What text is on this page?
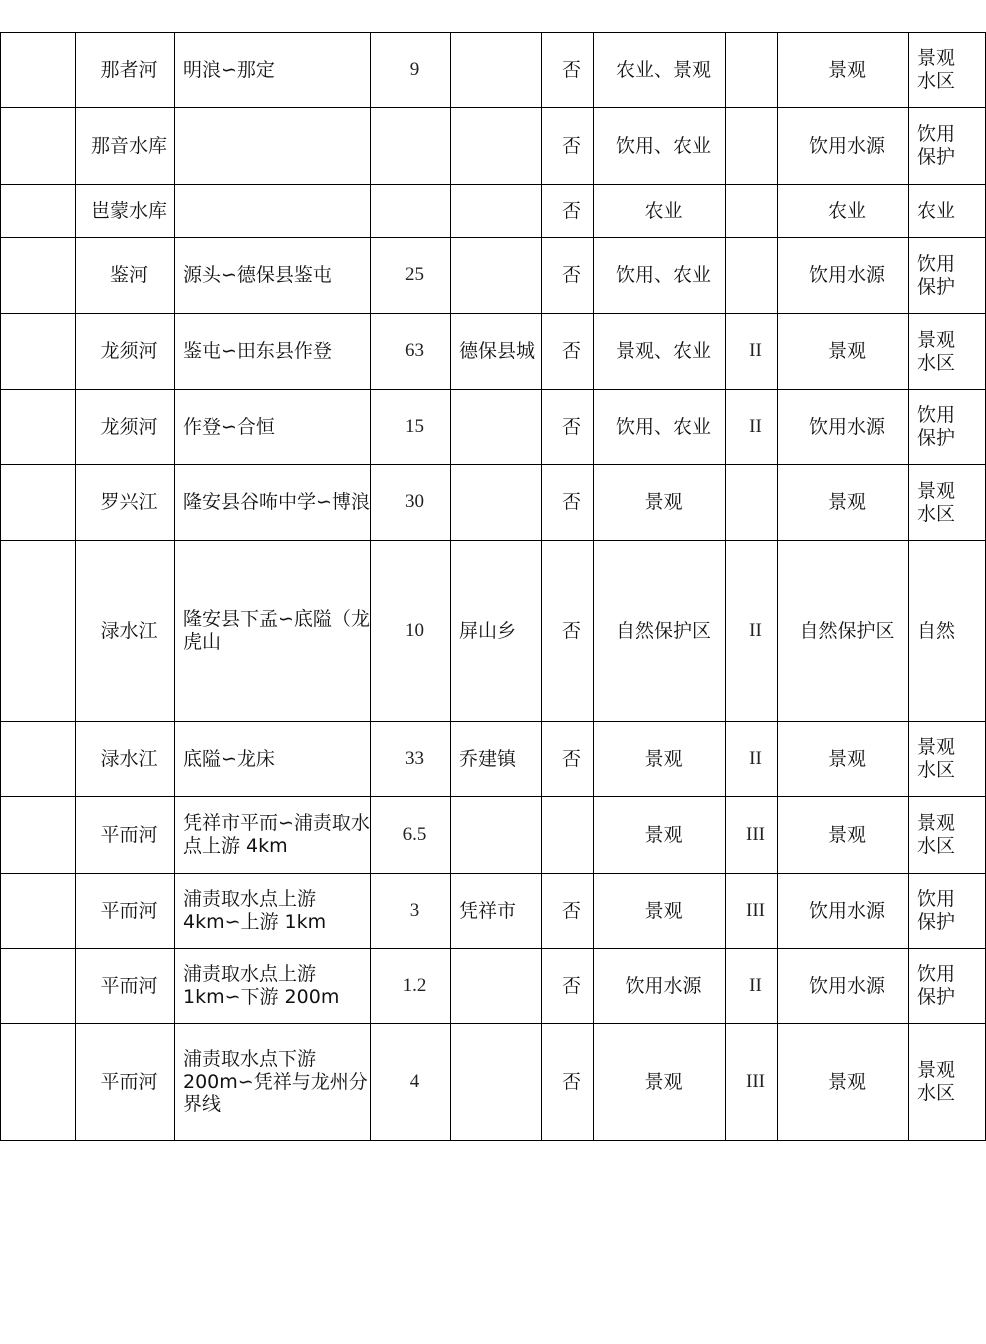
	那者河	明浪∽那定	9		否	农业、景观		景观	景观
水区
	那音水库				否	饮用、农业		饮用水源	饮用
保护
	岜蒙水库				否	农业		农业	农业
	鉴河	源头∽德保县鉴屯	25		否	饮用、农业		饮用水源	饮用
保护
	龙须河	鉴屯∽田东县作登	63	德保县城	否	景观、农业	II	景观	景观
水区
	龙须河	作登∽合恒	15		否	饮用、农业	II	饮用水源	饮用
保护
	罗兴江	隆安县谷咘中学∽博浪	30		否	景观		景观	景观
水区
	渌水江	隆安县下孟∽底隘（龙虎山	10	屏山乡	否	自然保护区	II	自然保护区	自然
	渌水江	底隘∽龙床	33	乔建镇	否	景观	II	景观	景观
水区
	平而河	凭祥市平而∽浦责取水点上游 4km	6.5			景观	III	景观	景观
水区
	平而河	浦责取水点上游 4km∽上游 1km	3	凭祥市	否	景观	III	饮用水源	饮用
保护
	平而河	浦责取水点上游 1km∽下游 200m	1.2		否	饮用水源	II	饮用水源	饮用
保护
	平而河	浦责取水点下游 200m∽凭祥与龙州分界线	4		否	景观	III	景观	景观
水区
